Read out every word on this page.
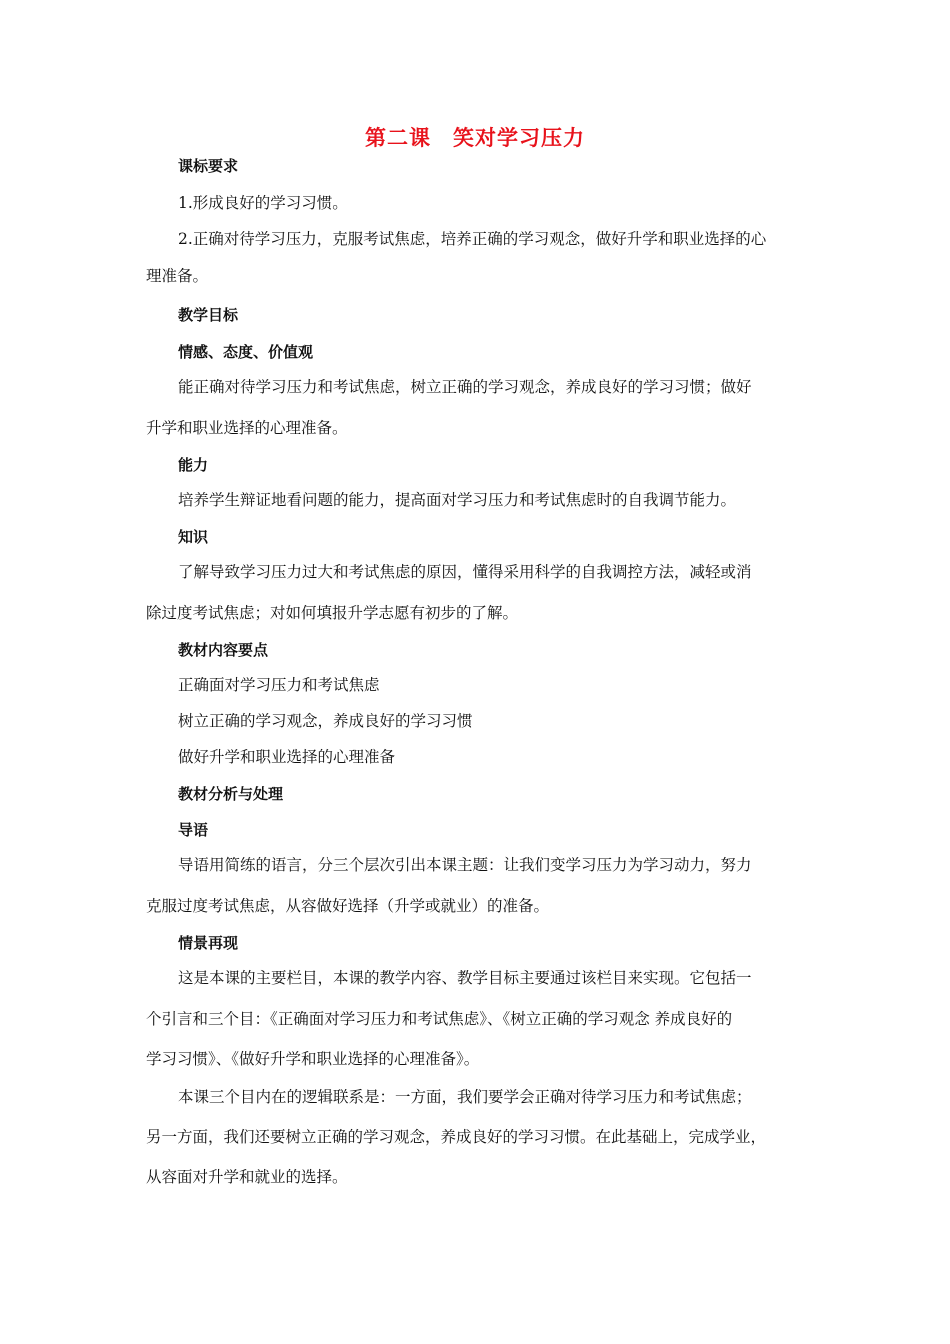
第二课 笑对学习压力
课标要求
1.形成良好的学习习惯。
2.正确对待学习压力，克服考试焦虑，培养正确的学习观念，做好升学和职业选择的心
理准备。
教学目标
情感、态度、价值观
能正确对待学习压力和考试焦虑，树立正确的学习观念，养成良好的学习习惯；做好
升学和职业选择的心理准备。
能力
培养学生辩证地看问题的能力，提高面对学习压力和考试焦虑时的自我调节能力。
知识
了解导致学习压力过大和考试焦虑的原因，懂得采用科学的自我调控方法，减轻或消
除过度考试焦虑；对如何填报升学志愿有初步的了解。
教材内容要点
正确面对学习压力和考试焦虑
树立正确的学习观念，养成良好的学习习惯
做好升学和职业选择的心理准备
教材分析与处理
导语
导语用简练的语言，分三个层次引出本课主题：让我们变学习压力为学习动力，努力
克服过度考试焦虑，从容做好选择（升学或就业）的准备。
情景再现
这是本课的主要栏目，本课的教学内容、教学目标主要通过该栏目来实现。它包括一
个引言和三个目：《正确面对学习压力和考试焦虑》、《树立正确的学习观念 养成良好的
学习习惯》、《做好升学和职业选择的心理准备》。
本课三个目内在的逻辑联系是：一方面，我们要学会正确对待学习压力和考试焦虑；
另一方面，我们还要树立正确的学习观念，养成良好的学习习惯。在此基础上，完成学业，
从容面对升学和就业的选择。
